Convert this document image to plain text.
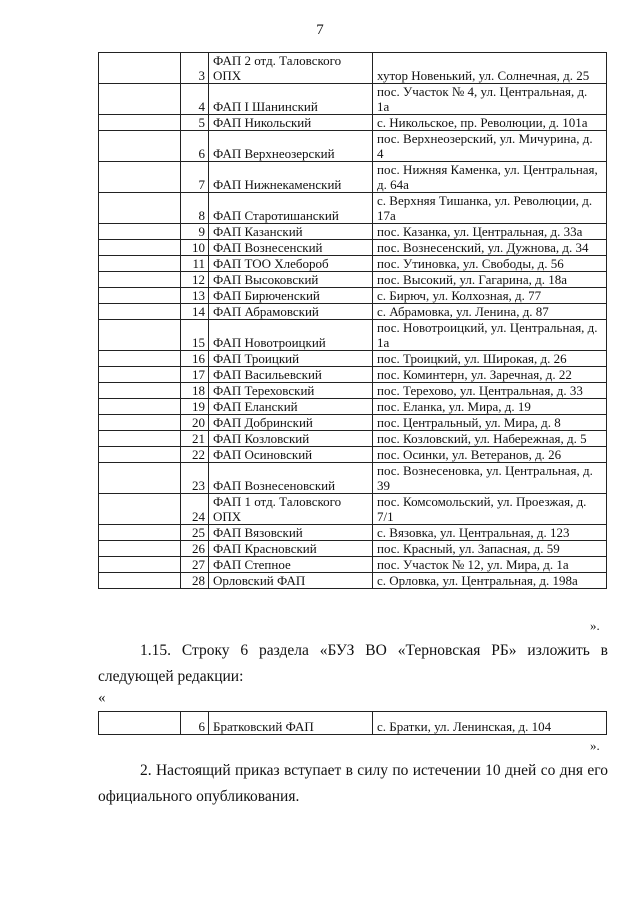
7
	3	ФАП 2 отд. Таловского ОПХ	хутор Новенький, ул. Солнечная, д. 25
	4	ФАП I Шанинский	пос. Участок № 4, ул. Центральная, д. 1а
	5	ФАП Никольский	с. Никольское, пр. Революции, д. 101а
	6	ФАП Верхнеозерский	пос. Верхнеозерский, ул. Мичурина, д. 4
	7	ФАП Нижнекаменский	пос. Нижняя Каменка, ул. Центральная, д. 64а
	8	ФАП Старотишанский	с. Верхняя Тишанка, ул. Революции, д. 17а
	9	ФАП Казанский	пос. Казанка, ул. Центральная, д. 33а
	10	ФАП Вознесенский	пос. Вознесенский, ул. Дужнова, д. 34
	11	ФАП ТОО Хлебороб	пос. Утиновка, ул. Свободы, д. 56
	12	ФАП Высоковский	пос. Высокий, ул. Гагарина, д. 18а
	13	ФАП Бирюченский	с. Бирюч, ул. Колхозная, д. 77
	14	ФАП Абрамовский	с. Абрамовка, ул. Ленина, д. 87
	15	ФАП Новотроицкий	пос. Новотроицкий, ул. Центральная, д. 1а
	16	ФАП Троицкий	пос. Троицкий, ул. Широкая, д. 26
	17	ФАП Васильевский	пос. Коминтерн, ул. Заречная, д. 22
	18	ФАП Тереховский	пос. Терехово, ул. Центральная, д. 33
	19	ФАП Еланский	пос. Еланка, ул. Мира, д. 19
	20	ФАП Добринский	пос. Центральный, ул. Мира, д. 8
	21	ФАП Козловский	пос. Козловский, ул. Набережная, д. 5
	22	ФАП Осиновский	пос. Осинки, ул. Ветеранов, д. 26
	23	ФАП Вознесеновский	пос. Вознесеновка, ул. Центральная, д. 39
	24	ФАП 1 отд. Таловского ОПХ	пос. Комсомольский, ул. Проезжая, д. 7/1
	25	ФАП Вязовский	с. Вязовка, ул. Центральная, д. 123
	26	ФАП Красновский	пос. Красный, ул. Запасная, д. 59
	27	ФАП Степное	пос. Участок № 12, ул. Мира, д. 1а
	28	Орловский ФАП	с. Орловка, ул. Центральная, д. 198а
».
1.15. Строку 6 раздела «БУЗ ВО «Терновская РБ» изложить в следующей редакции:
«
	6	Братковский ФАП	с. Братки, ул. Ленинская, д. 104
».
2. Настоящий приказ вступает в силу по истечении 10 дней со дня его официального опубликования.
